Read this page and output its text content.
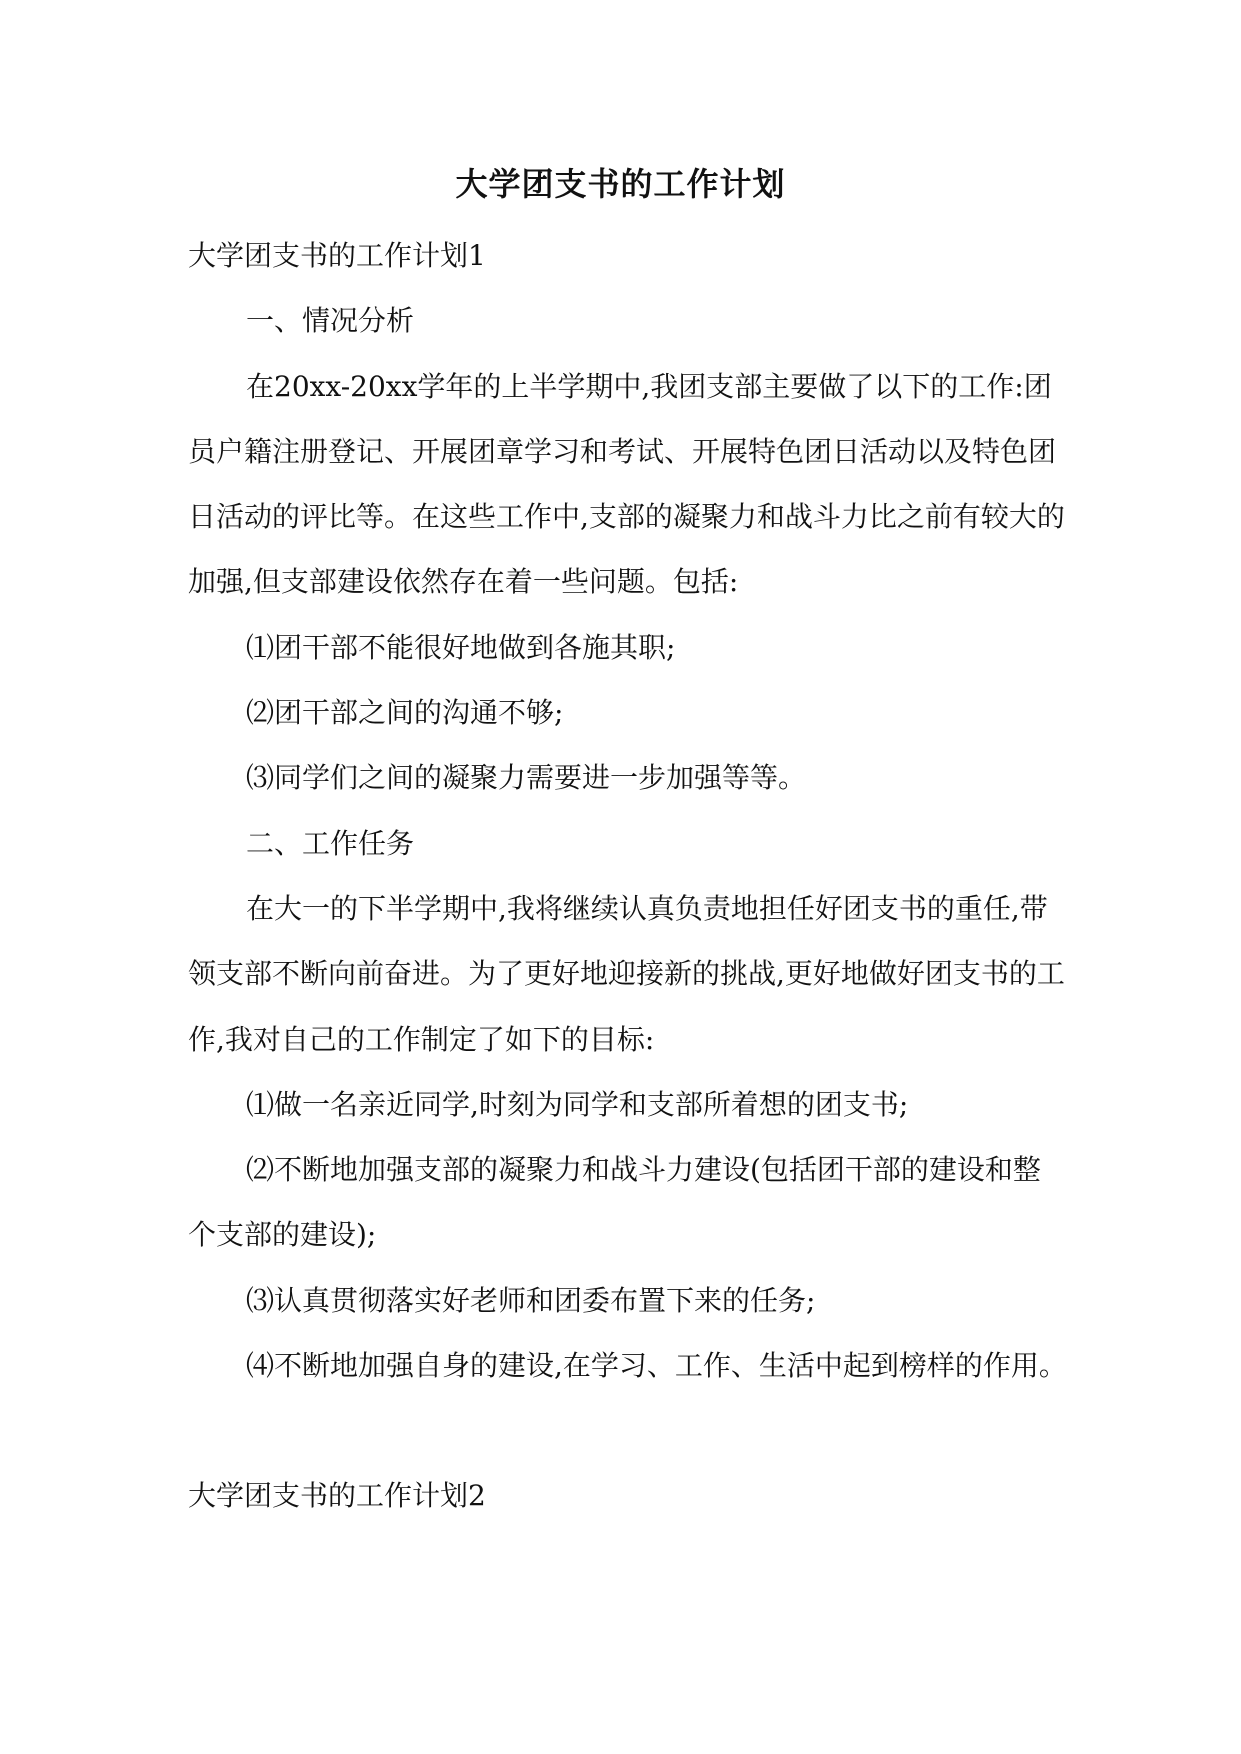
大学团支书的工作计划

大学团支书的工作计划1

一、情况分析

在20xx-20xx学年的上半学期中,我团支部主要做了以下的工作:团员户籍注册登记、开展团章学习和考试、开展特色团日活动以及特色团日活动的评比等。在这些工作中,支部的凝聚力和战斗力比之前有较大的加强,但支部建设依然存在着一些问题。包括:

⑴团干部不能很好地做到各施其职;

⑵团干部之间的沟通不够;

⑶同学们之间的凝聚力需要进一步加强等等。

二、工作任务

在大一的下半学期中,我将继续认真负责地担任好团支书的重任,带领支部不断向前奋进。为了更好地迎接新的挑战,更好地做好团支书的工作,我对自己的工作制定了如下的目标:

⑴做一名亲近同学,时刻为同学和支部所着想的团支书;

⑵不断地加强支部的凝聚力和战斗力建设(包括团干部的建设和整个支部的建设);

⑶认真贯彻落实好老师和团委布置下来的任务;

⑷不断地加强自身的建设,在学习、工作、生活中起到榜样的作用。

大学团支书的工作计划2
